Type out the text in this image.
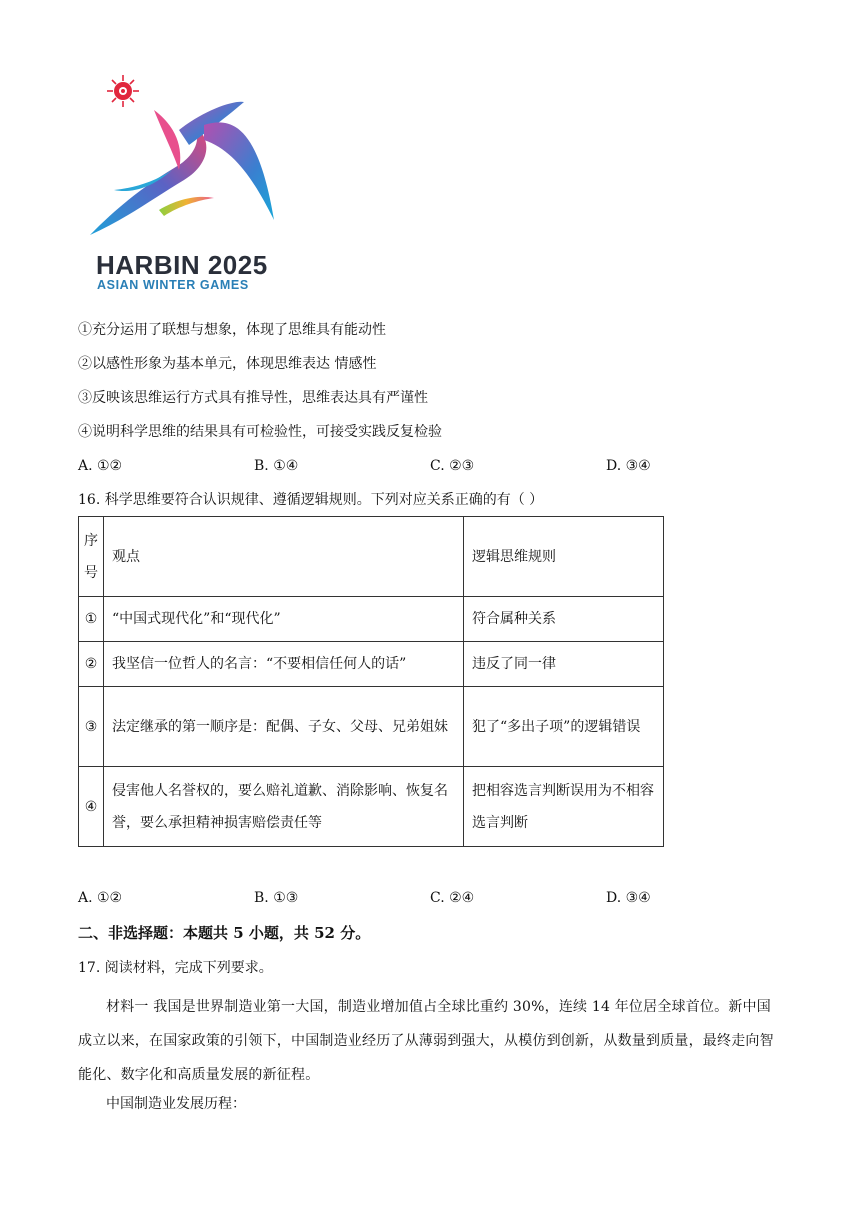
HARBIN 2025
ASIAN WINTER GAMES
①充分运用了联想与想象，体现了思维具有能动性
②以感性形象为基本单元，体现思维表达 情感性
③反映该思维运行方式具有推导性，思维表达具有严谨性
④说明科学思维的结果具有可检验性，可接受实践反复检验
A. ①②	B. ①④	C. ②③	D. ③④
16. 科学思维要符合认识规律、遵循逻辑规则。下列对应关系正确的有（ ）
序
号	观点	逻辑思维规则
①	“中国式现代化”和“现代化”	符合属种关系
②	我坚信一位哲人的名言：“不要相信任何人的话”	违反了同一律
③	法定继承的第一顺序是：配偶、子女、父母、兄弟姐妹	犯了“多出子项”的逻辑错误
④	侵害他人名誉权的，要么赔礼道歉、消除影响、恢复名誉，要么承担精神损害赔偿责任等	把相容选言判断误用为不相容选言判断
A. ①②	B. ①③	C. ②④	D. ③④
二、非选择题：本题共 5 小题，共 52 分。
17. 阅读材料，完成下列要求。
材料一 我国是世界制造业第一大国，制造业增加值占全球比重约 30%，连续 14 年位居全球首位。新中国成立以来，在国家政策的引领下，中国制造业经历了从薄弱到强大，从模仿到创新，从数量到质量，最终走向智能化、数字化和高质量发展的新征程。
中国制造业发展历程：
